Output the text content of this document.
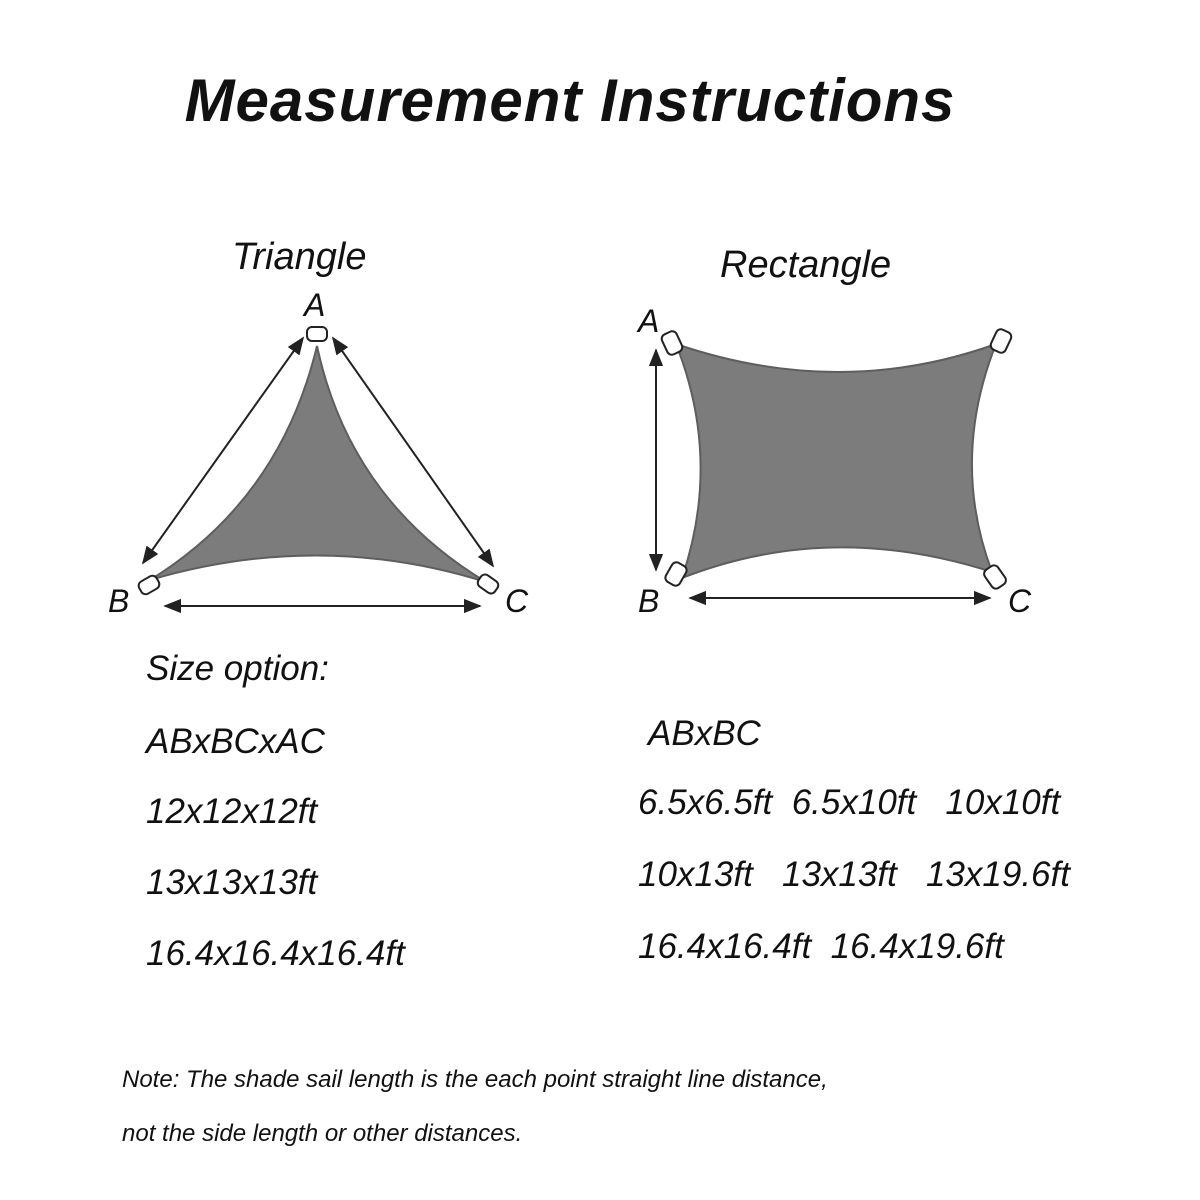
Measurement Instructions
Triangle
A
B	C
A
B	C
Rectangle
Size option:
ABxBCxAC
12x12x12ft
13x13x13ft
16.4x16.4x16.4ft
ABxBC
6.5x6.5ft  6.5x10ft   10x10ft
10x13ft   13x13ft   13x19.6ft
16.4x16.4ft  16.4x19.6ft
Note: The shade sail length is the each point straight line distance,
not the side length or other distances.
